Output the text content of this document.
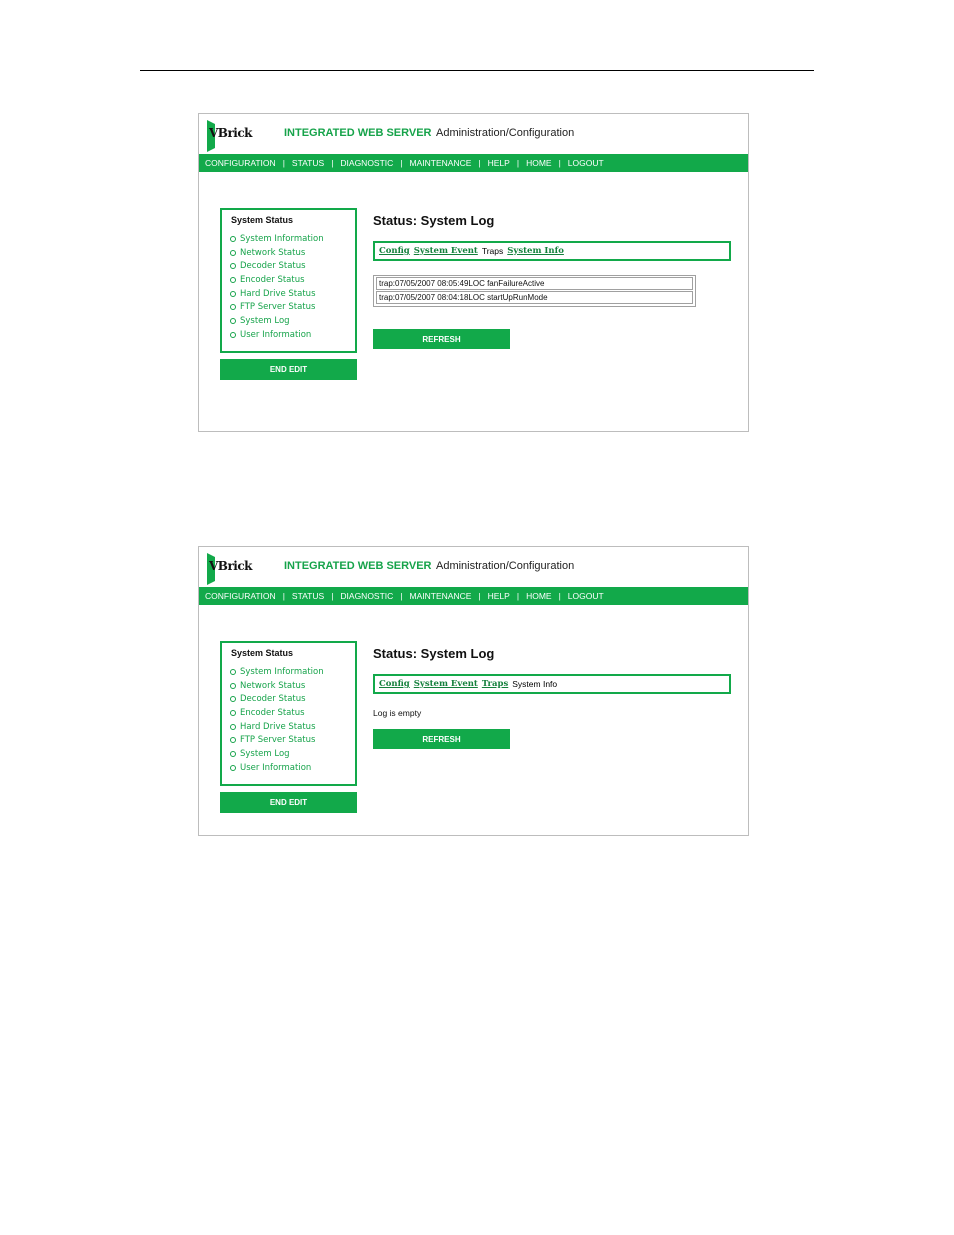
VBrick	INTEGRATED WEB SERVER Administration/Configuration
CONFIGURATION | STATUS | DIAGNOSTIC | MAINTENANCE | HELP | HOME | LOGOUT
System Status
System Information
Network Status
Decoder Status
Encoder Status
Hard Drive Status
FTP Server Status
System Log
User Information
END EDIT
Status: System Log
Config System Event Traps System Info
trap:07/05/2007 08:05:49LOC fanFailureActive
trap:07/05/2007 08:04:18LOC startUpRunMode
REFRESH
VBrick	INTEGRATED WEB SERVER Administration/Configuration
CONFIGURATION | STATUS | DIAGNOSTIC | MAINTENANCE | HELP | HOME | LOGOUT
System Status
System Information
Network Status
Decoder Status
Encoder Status
Hard Drive Status
FTP Server Status
System Log
User Information
END EDIT
Status: System Log
Config System Event Traps System Info
Log is empty
REFRESH
